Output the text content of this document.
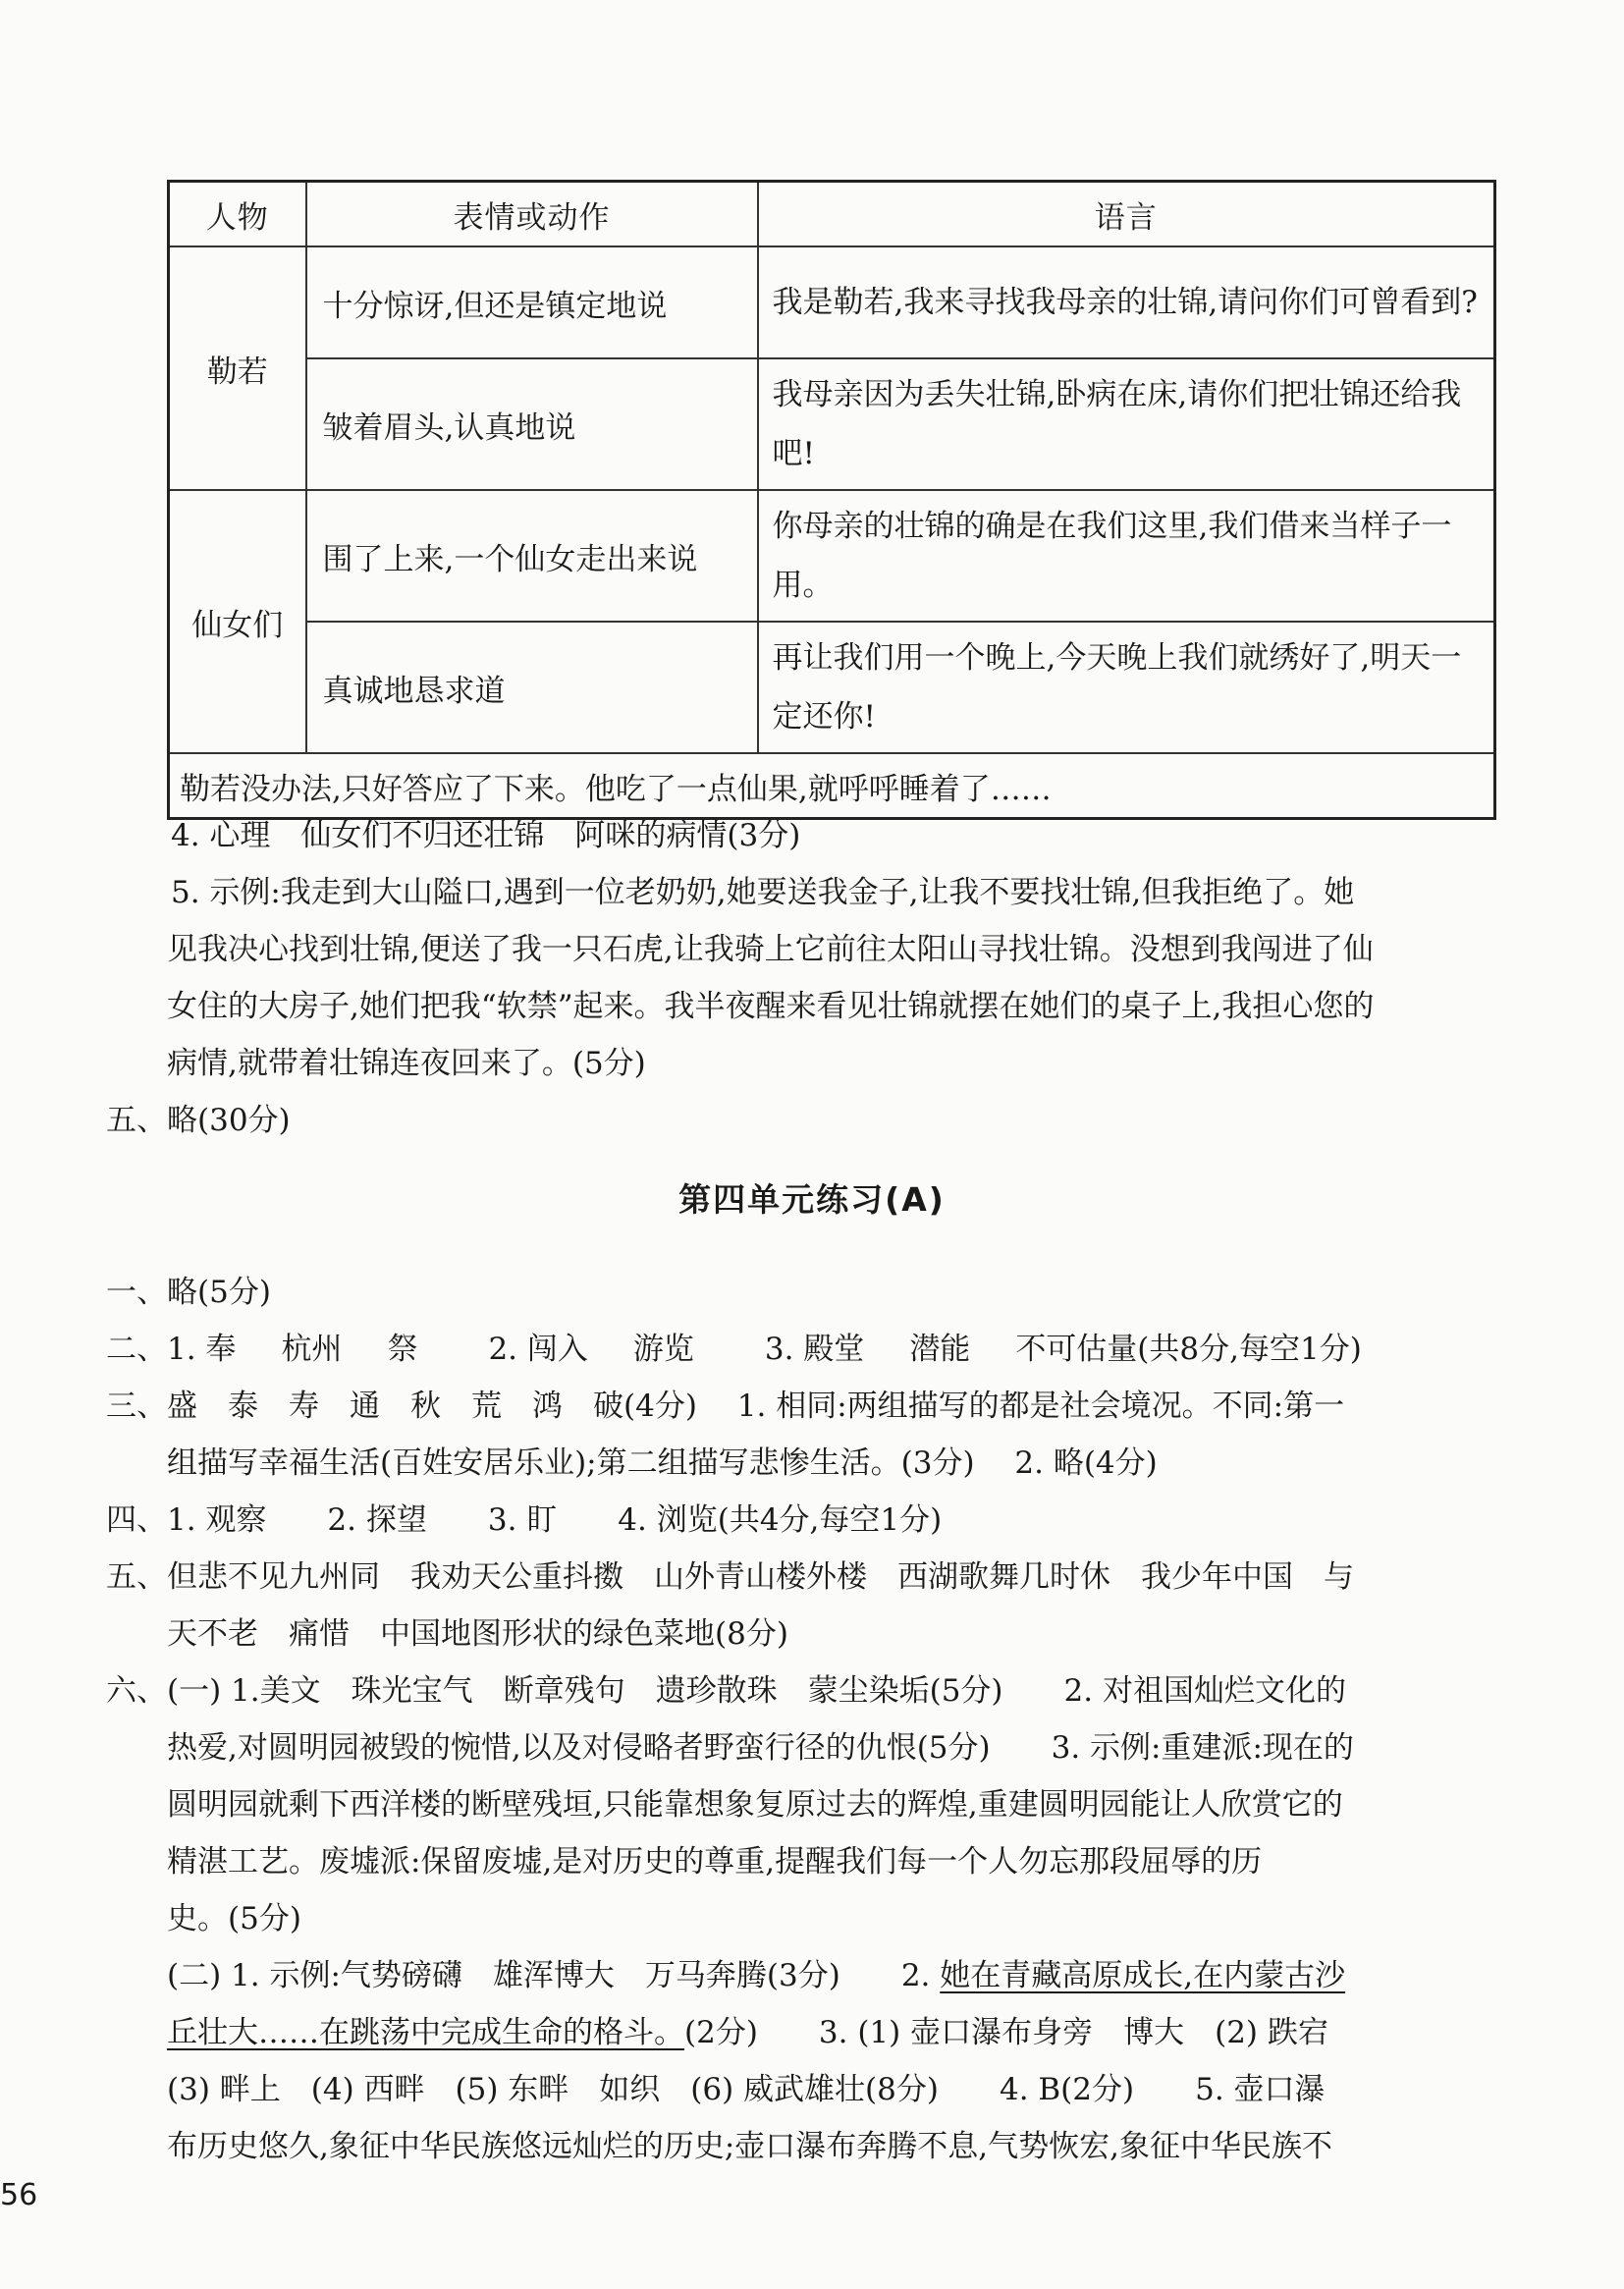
人物	表情或动作	语言
勒若	十分惊讶,但还是镇定地说	我是勒若,我来寻找我母亲的壮锦,请问你们可曾看到?
	皱着眉头,认真地说	我母亲因为丢失壮锦,卧病在床,请你们把壮锦还给我吧!
仙女们	围了上来,一个仙女走出来说	你母亲的壮锦的确是在我们这里,我们借来当样子一用。
	真诚地恳求道	再让我们用一个晚上,今天晚上我们就绣好了,明天一定还你!
勒若没办法,只好答应了下来。他吃了一点仙果,就呼呼睡着了……		
4. 心理　仙女们不归还壮锦　阿咪的病情(3分)
5. 示例:我走到大山隘口,遇到一位老奶奶,她要送我金子,让我不要找壮锦,但我拒绝了。她
见我决心找到壮锦,便送了我一只石虎,让我骑上它前往太阳山寻找壮锦。没想到我闯进了仙
女住的大房子,她们把我“软禁”起来。我半夜醒来看见壮锦就摆在她们的桌子上,我担心您的
病情,就带着壮锦连夜回来了。(5分)
五、略(30分)
第四单元练习(A)
一、略(5分)
二、1. 奉 杭州 祭 2. 闯入 游览 3. 殿堂 潜能 不可估量(共8分,每空1分)
三、盛　泰　寿　通　秋　荒　鸿　破(4分)　 1. 相同:两组描写的都是社会境况。不同:第一
组描写幸福生活(百姓安居乐业);第二组描写悲惨生活。(3分)　 2. 略(4分)
四、1. 观察　　2. 探望　　3. 盯　　4. 浏览(共4分,每空1分)
五、但悲不见九州同　我劝天公重抖擞　山外青山楼外楼　西湖歌舞几时休　我少年中国　与
天不老　痛惜　中国地图形状的绿色菜地(8分)
六、(一) 1.美文　珠光宝气　断章残句　遗珍散珠　蒙尘染垢(5分)　　2. 对祖国灿烂文化的
热爱,对圆明园被毁的惋惜,以及对侵略者野蛮行径的仇恨(5分)　　3. 示例:重建派:现在的
圆明园就剩下西洋楼的断壁残垣,只能靠想象复原过去的辉煌,重建圆明园能让人欣赏它的
精湛工艺。废墟派:保留废墟,是对历史的尊重,提醒我们每一个人勿忘那段屈辱的历
史。(5分)
(二) 1. 示例:气势磅礴　雄浑博大　万马奔腾(3分)　　2. 她在青藏高原成长,在内蒙古沙
丘壮大……在跳荡中完成生命的格斗。(2分)　　3. (1) 壶口瀑布身旁　博大　(2) 跌宕
(3) 畔上　(4) 西畔　(5) 东畔　如织　(6) 威武雄壮(8分)　　4. B(2分)　　5. 壶口瀑
布历史悠久,象征中华民族悠远灿烂的历史;壶口瀑布奔腾不息,气势恢宏,象征中华民族不
56
